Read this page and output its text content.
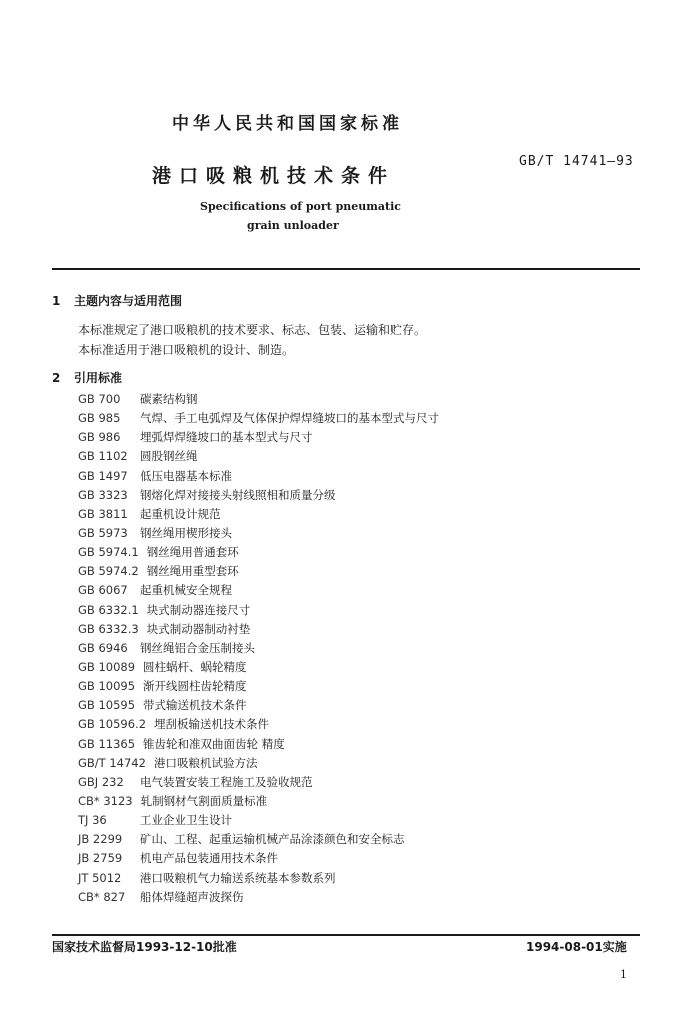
中华人民共和国国家标准
港口吸粮机技术条件
GB/T 14741—93
Specifications of port pneumatic
grain unloader
1 主题内容与适用范围
本标准规定了港口吸粮机的技术要求、标志、包装、运输和贮存。
本标准适用于港口吸粮机的设计、制造。
2 引用标准
GB 700 碳素结构钢
GB 985 气焊、手工电弧焊及气体保护焊焊缝坡口的基本型式与尺寸
GB 986 埋弧焊焊缝坡口的基本型式与尺寸
GB 1102 圆股钢丝绳
GB 1497 低压电器基本标准
GB 3323 钢熔化焊对接接头射线照相和质量分级
GB 3811 起重机设计规范
GB 5973 钢丝绳用楔形接头
GB 5974.1 钢丝绳用普通套环
GB 5974.2 钢丝绳用重型套环
GB 6067 起重机械安全规程
GB 6332.1 块式制动器连接尺寸
GB 6332.3 块式制动器制动衬垫
GB 6946 钢丝绳铝合金压制接头
GB 10089 圆柱蜗杆、蜗轮精度
GB 10095 渐开线圆柱齿轮精度
GB 10595 带式输送机技术条件
GB 10596.2 埋刮板输送机技术条件
GB 11365 锥齿轮和准双曲面齿轮 精度
GB/T 14742 港口吸粮机试验方法
GBJ 232 电气装置安装工程施工及验收规范
CB* 3123 轧制钢材气割面质量标准
TJ 36	工业企业卫生设计
JB 2299 矿山、工程、起重运输机械产品涂漆颜色和安全标志
JB 2759 机电产品包装通用技术条件
JT 5012 港口吸粮机气力输送系统基本参数系列
CB* 827 船体焊缝超声波探伤
国家技术监督局1993-12-10批准	1994-08-01实施
1
